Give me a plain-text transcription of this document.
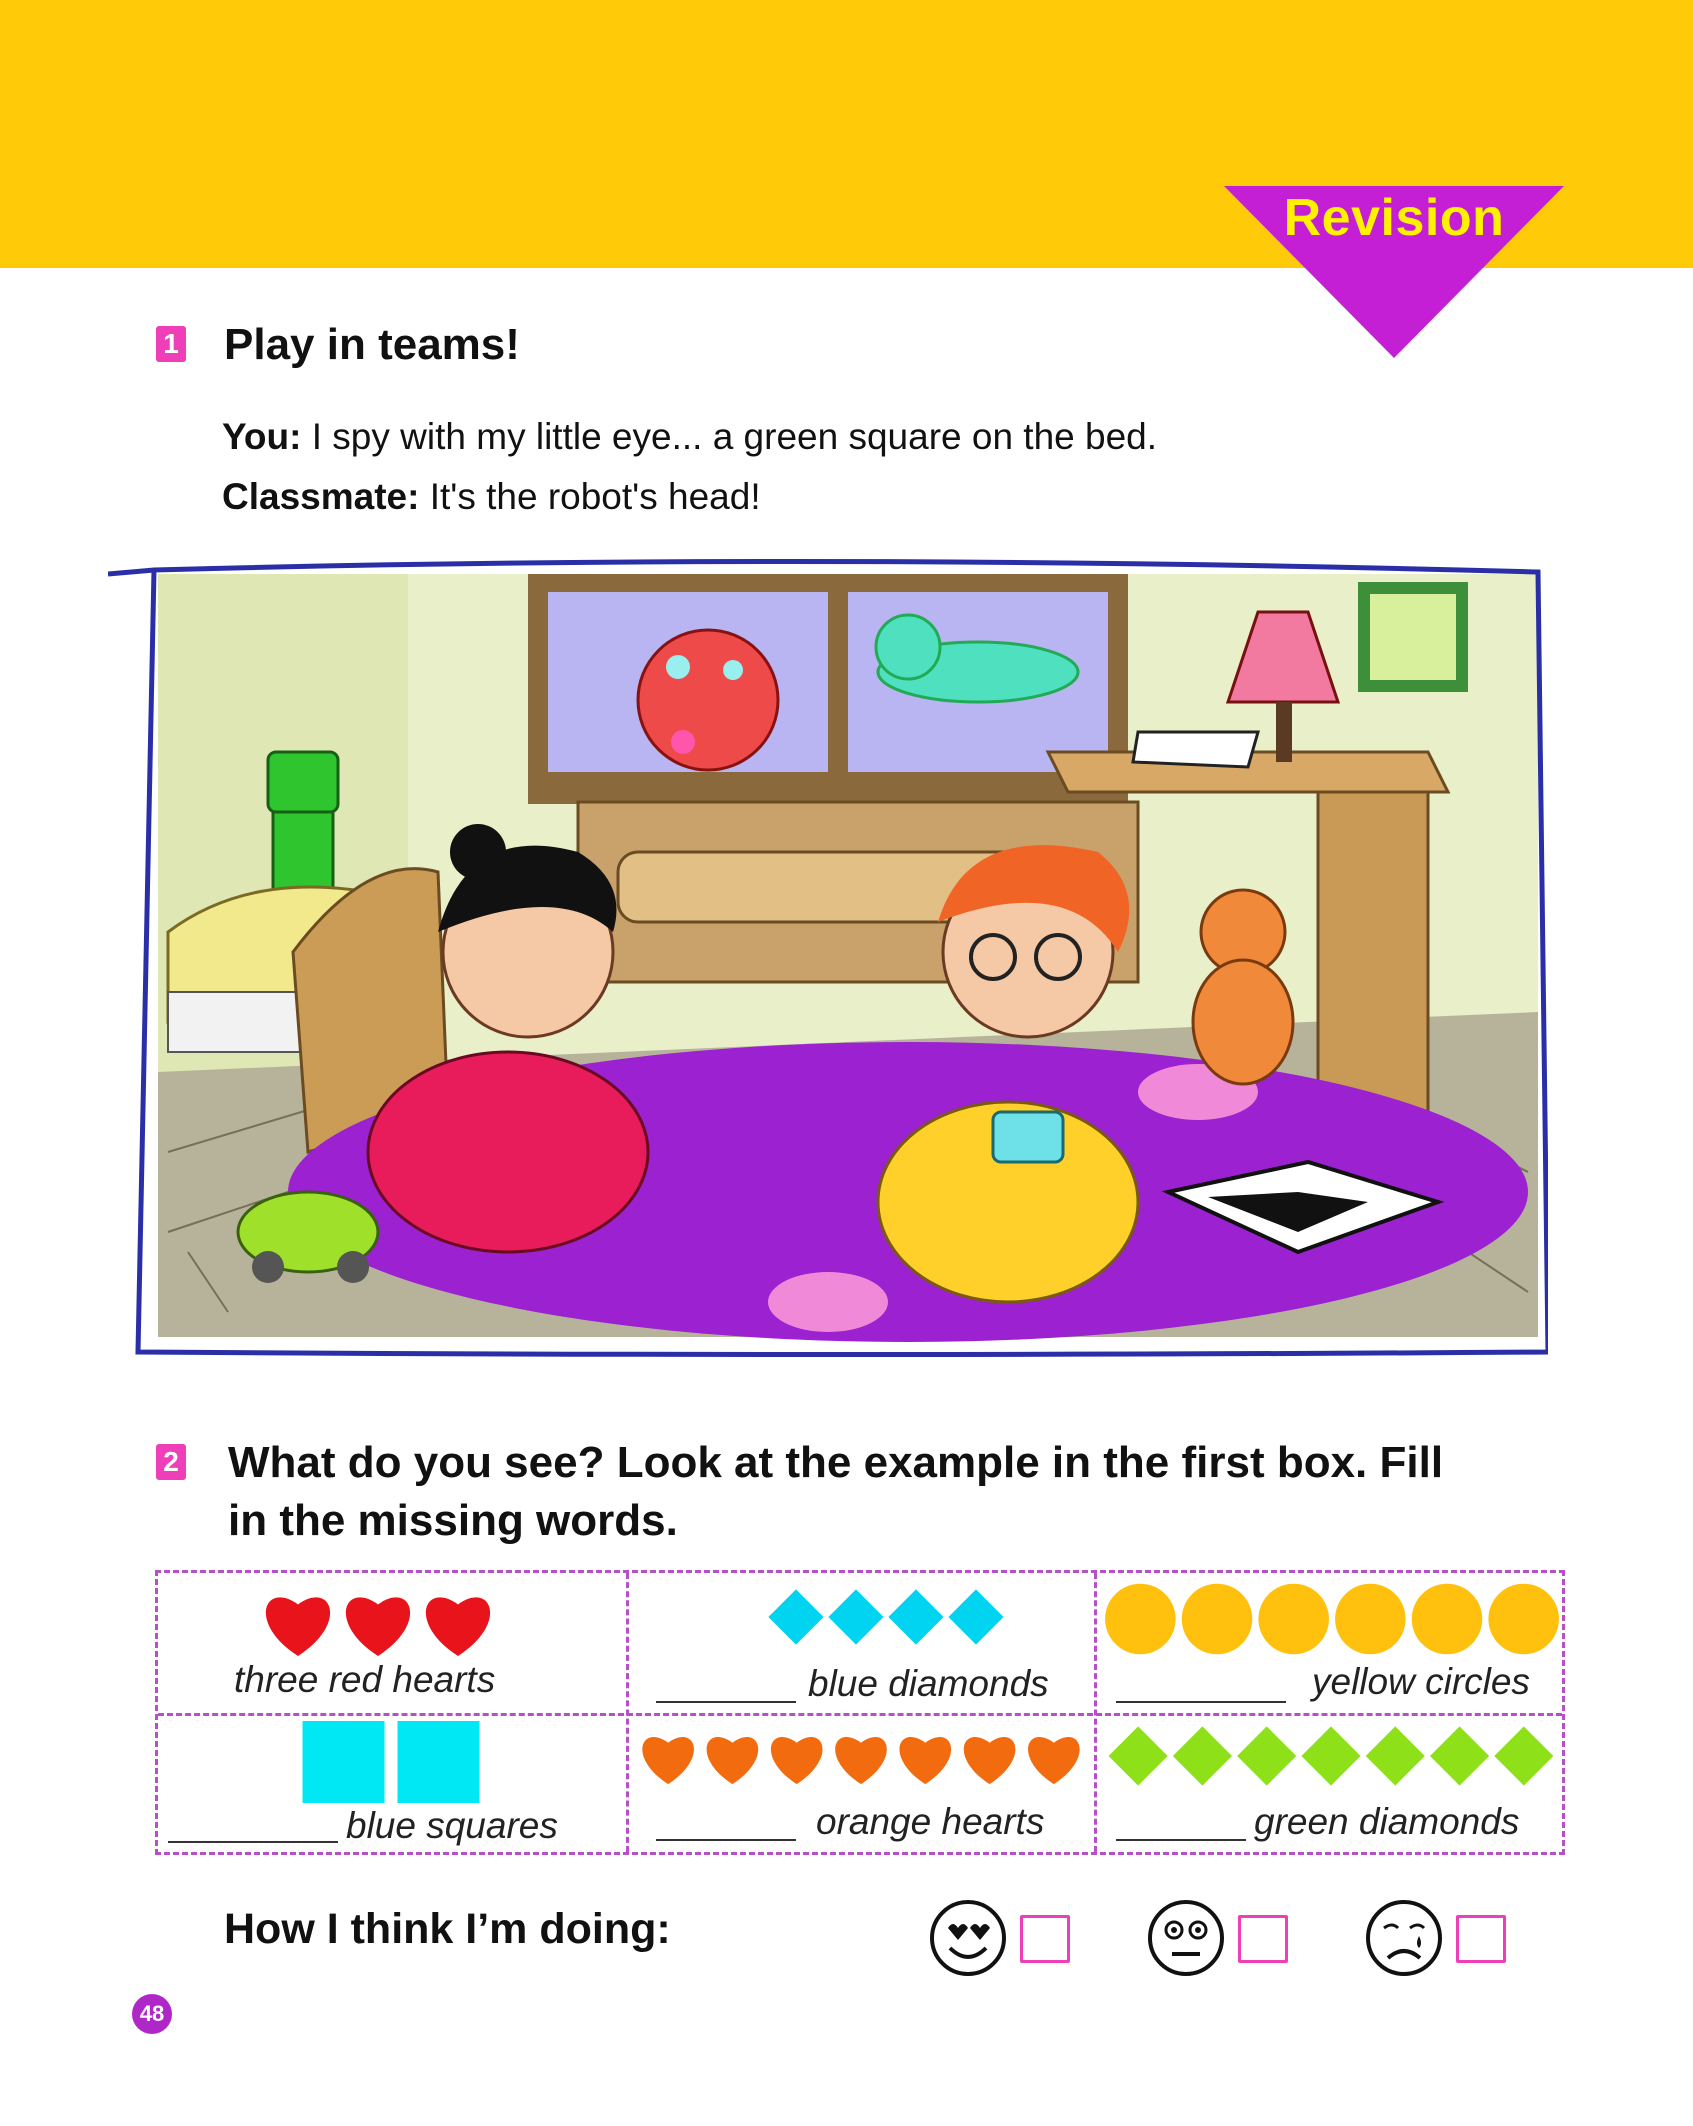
Revision
1 Play in teams!
You: I spy with my little eye... a green square on the bed.
Classmate: It's the robot's head!
2 What do you see? Look at the example in the first box. Fill
in the missing words.
three red hearts	blue diamonds	yellow circles
blue squares	orange hearts	green diamonds
How I think I’m doing:
48
